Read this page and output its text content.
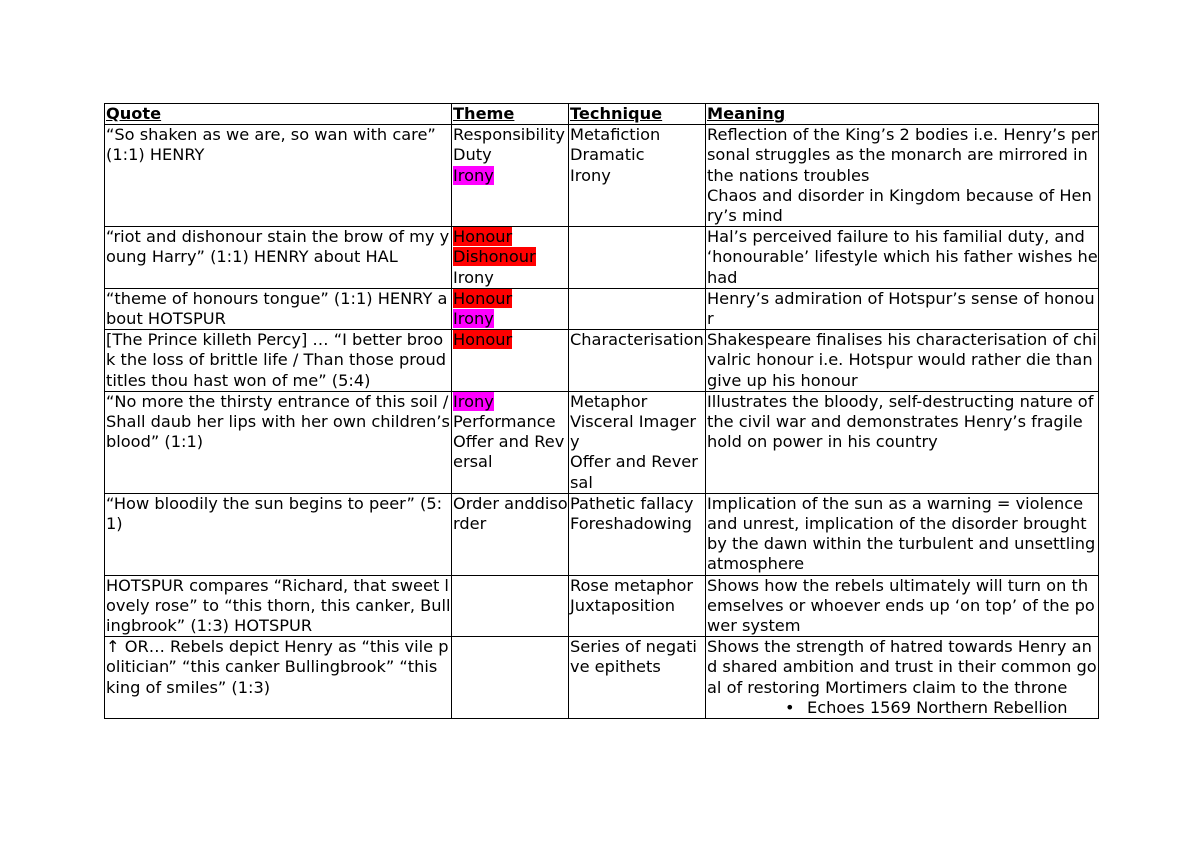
Quote	Theme	Technique	Meaning
“So shaken as we are, so wan with care” (1:1) HENRY	Responsibility
Duty
Irony	Metafiction
Dramatic
Irony	Reflection of the King’s 2 bodies i.e. Henry’s personal struggles as the monarch are mirrored in the nations troubles
Chaos and disorder in Kingdom because of Henry’s mind

“riot and dishonour stain the brow of my young Harry” (1:1) HENRY about HAL	Honour
Dishonour
Irony		Hal’s perceived failure to his familial duty, and ‘honourable’ lifestyle which his father wishes he had

“theme of honours tongue” (1:1) HENRY about HOTSPUR	Honour
Irony		Henry’s admiration of Hotspur’s sense of honour

[The Prince killeth Percy] … “I better brook the loss of brittle life / Than those proud titles thou hast won of me” (5:4)	Honour	Characterisation	Shakespeare finalises his characterisation of chivalric honour i.e. Hotspur would rather die than give up his honour

“No more the thirsty entrance of this soil / Shall daub her lips with her own children’s blood” (1:1)	Irony
Performance
Offer and Reversal	Metaphor
Visceral Imagery
Offer and Reversal	Illustrates the bloody, self-destructing nature of the civil war and demonstrates Henry’s fragile hold on power in his country

“How bloodily the sun begins to peer” (5:1)	Order anddisorder	Pathetic fallacy
Foreshadowing	Implication of the sun as a warning = violence and unrest, implication of the disorder brought by the dawn within the turbulent and unsettling atmosphere

HOTSPUR compares “Richard, that sweet lovely rose” to “this thorn, this canker, Bullingbrook” (1:3) HOTSPUR		Rose metaphor
Juxtaposition	Shows how the rebels ultimately will turn on themselves or whoever ends up ‘on top’ of the power system

↑ OR… Rebels depict Henry as “this vile politician” “this canker Bullingbrook” “this king of smiles” (1:3)		Series of negative epithets	Shows the strength of hatred towards Henry and shared ambition and trust in their common goal of restoring Mortimers claim to the throne
• Echoes 1569 Northern Rebellion
